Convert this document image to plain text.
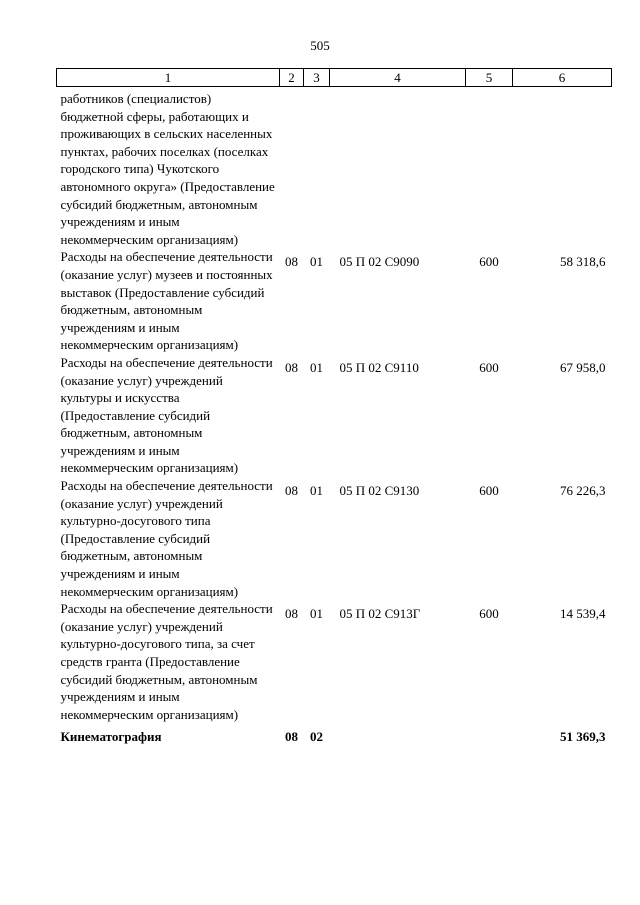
505
1	2	3	4	5	6
работников (специалистов) бюджетной сферы, работающих и проживающих в сельских населенных пунктах, рабочих поселках (поселках городского типа) Чукотского автономного округа» (Предоставление субсидий бюджетным, автономным учреждениям и иным некоммерческим организациям)					
Расходы на обеспечение деятельности (оказание услуг) музеев и постоянных выставок (Предоставление субсидий бюджетным, автономным учреждениям и иным некоммерческим организациям)	08	01	05 П 02 С9090	600	58 318,6
Расходы на обеспечение деятельности (оказание услуг) учреждений культуры и искусства (Предоставление субсидий бюджетным, автономным учреждениям и иным некоммерческим организациям)	08	01	05 П 02 С9110	600	67 958,0
Расходы на обеспечение деятельности (оказание услуг) учреждений культурно-досугового типа (Предоставление субсидий бюджетным, автономным учреждениям и иным некоммерческим организациям)	08	01	05 П 02 С9130	600	76 226,3
Расходы на обеспечение деятельности (оказание услуг) учреждений культурно-досугового типа, за счет средств гранта (Предоставление субсидий бюджетным, автономным учреждениям и иным некоммерческим организациям)	08	01	05 П 02 С913Г	600	14 539,4
Кинематография	08	02			51 369,3
